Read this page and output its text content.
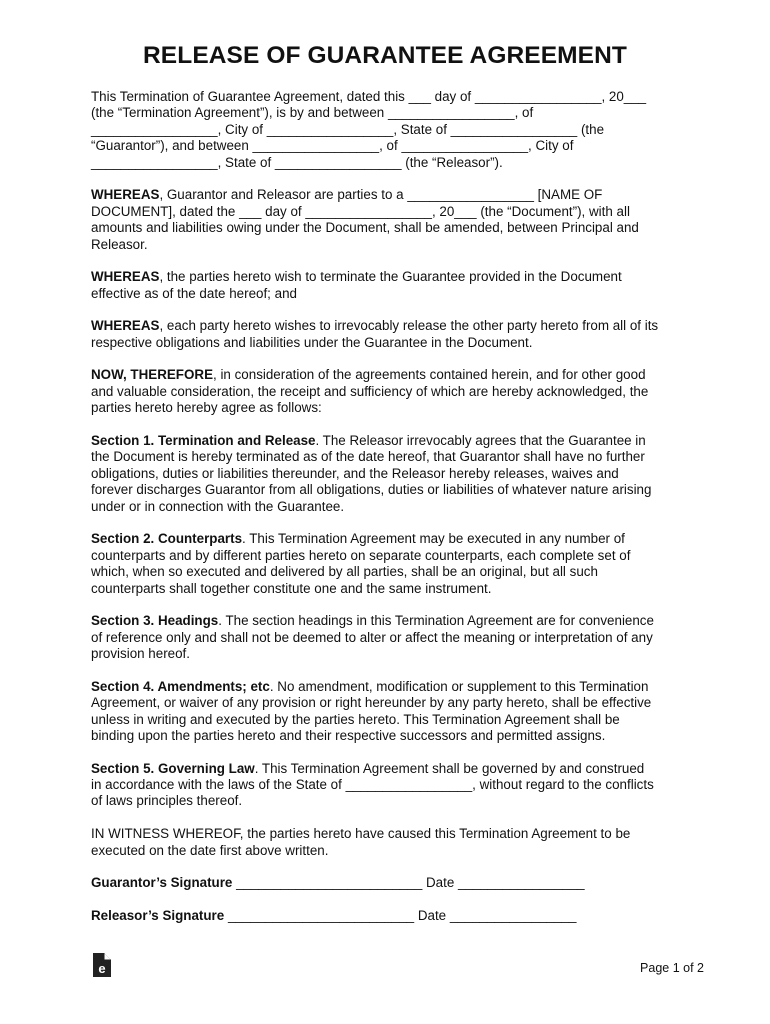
RELEASE OF GUARANTEE AGREEMENT

This Termination of Guarantee Agreement, dated this ___ day of _________________, 20___
(the “Termination Agreement”), is by and between _________________, of
_________________, City of _________________, State of _________________ (the
“Guarantor”), and between _________________, of _________________, City of
_________________, State of _________________ (the “Releasor”).

WHEREAS, Guarantor and Releasor are parties to a _________________ [NAME OF
DOCUMENT], dated the ___ day of _________________, 20___ (the “Document”), with all
amounts and liabilities owing under the Document, shall be amended, between Principal and
Releasor.

WHEREAS, the parties hereto wish to terminate the Guarantee provided in the Document
effective as of the date hereof; and

WHEREAS, each party hereto wishes to irrevocably release the other party hereto from all of its
respective obligations and liabilities under the Guarantee in the Document.

NOW, THEREFORE, in consideration of the agreements contained herein, and for other good
and valuable consideration, the receipt and sufficiency of which are hereby acknowledged, the
parties hereto hereby agree as follows:

Section 1. Termination and Release. The Releasor irrevocably agrees that the Guarantee in
the Document is hereby terminated as of the date hereof, that Guarantor shall have no further
obligations, duties or liabilities thereunder, and the Releasor hereby releases, waives and
forever discharges Guarantor from all obligations, duties or liabilities of whatever nature arising
under or in connection with the Guarantee.

Section 2. Counterparts. This Termination Agreement may be executed in any number of
counterparts and by different parties hereto on separate counterparts, each complete set of
which, when so executed and delivered by all parties, shall be an original, but all such
counterparts shall together constitute one and the same instrument.

Section 3. Headings. The section headings in this Termination Agreement are for convenience
of reference only and shall not be deemed to alter or affect the meaning or interpretation of any
provision hereof.

Section 4. Amendments; etc. No amendment, modification or supplement to this Termination
Agreement, or waiver of any provision or right hereunder by any party hereto, shall be effective
unless in writing and executed by the parties hereto. This Termination Agreement shall be
binding upon the parties hereto and their respective successors and permitted assigns.

Section 5. Governing Law. This Termination Agreement shall be governed by and construed
in accordance with the laws of the State of _________________, without regard to the conflicts
of laws principles thereof.

IN WITNESS WHEREOF, the parties hereto have caused this Termination Agreement to be
executed on the date first above written.

Guarantor’s Signature _________________________ Date _________________
Releasor’s Signature _________________________ Date _________________
e	Page 1 of 2
